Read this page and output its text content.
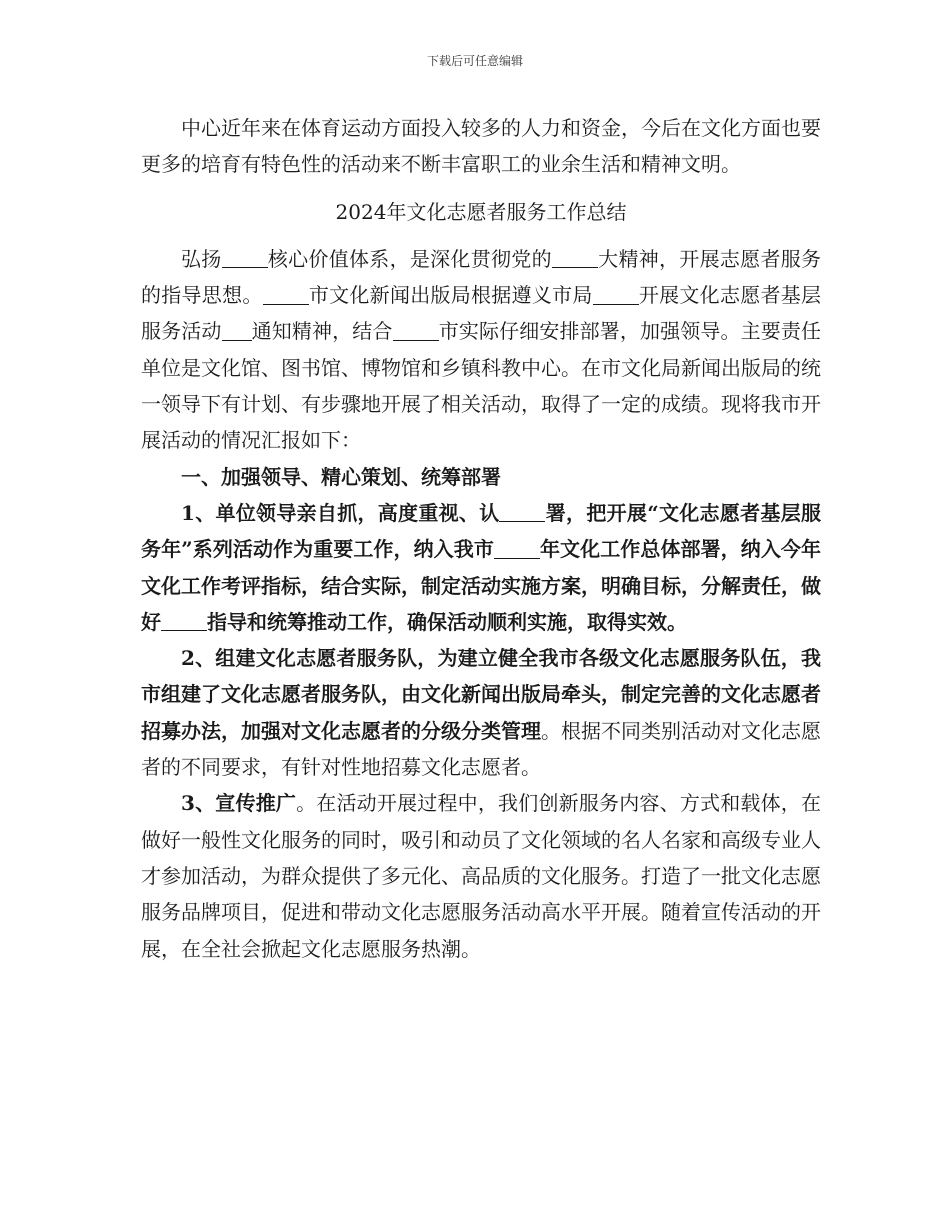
下载后可任意编辑

中心近年来在体育运动方面投入较多的人力和资金，今后在文化方面也要更多的培育有特色性的活动来不断丰富职工的业余生活和精神文明。

2024年文化志愿者服务工作总结

弘扬 核心价值体系，是深化贯彻党的 大精神，开展志愿者服务的指导思想。 市文化新闻出版局根据遵义市局 开展文化志愿者基层服务活动 通知精神，结合 市实际仔细安排部署，加强领导。主要责任单位是文化馆、图书馆、博物馆和乡镇科教中心。在市文化局新闻出版局的统一领导下有计划、有步骤地开展了相关活动，取得了一定的成绩。现将我市开展活动的情况汇报如下：

一、加强领导、精心策划、统筹部署

1、单位领导亲自抓，高度重视、认 署，把开展“文化志愿者基层服务年”系列活动作为重要工作，纳入我市 年文化工作总体部署，纳入今年文化工作考评指标，结合实际，制定活动实施方案，明确目标，分解责任，做好 指导和统筹推动工作，确保活动顺利实施，取得实效。

2、组建文化志愿者服务队，为建立健全我市各级文化志愿服务队伍，我市组建了文化志愿者服务队，由文化新闻出版局牵头，制定完善的文化志愿者招募办法，加强对文化志愿者的分级分类管理。根据不同类别活动对文化志愿者的不同要求，有针对性地招募文化志愿者。

3、宣传推广。在活动开展过程中，我们创新服务内容、方式和载体，在做好一般性文化服务的同时，吸引和动员了文化领域的名人名家和高级专业人才参加活动，为群众提供了多元化、高品质的文化服务。打造了一批文化志愿服务品牌项目，促进和带动文化志愿服务活动高水平开展。随着宣传活动的开展，在全社会掀起文化志愿服务热潮。
